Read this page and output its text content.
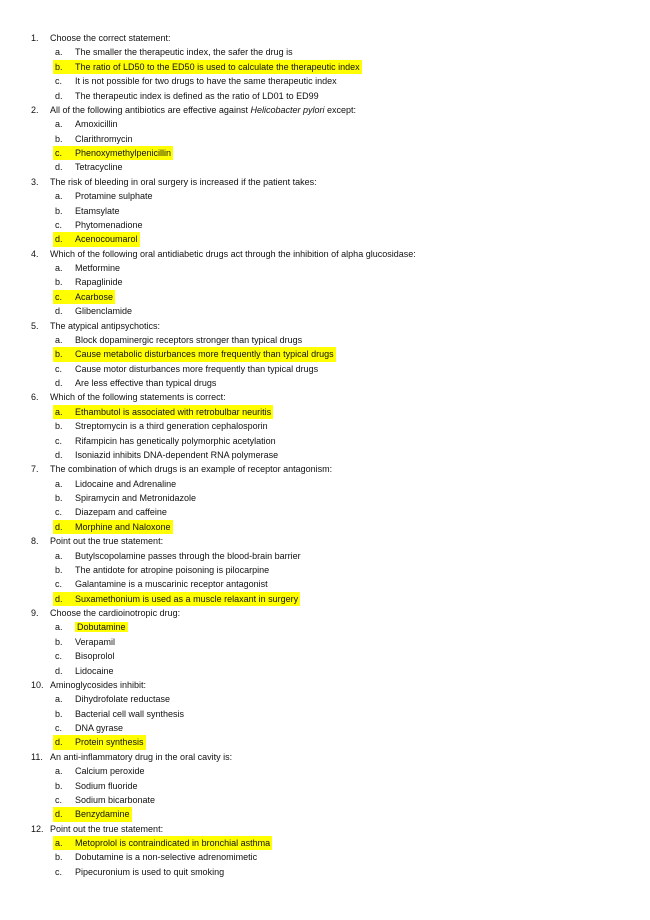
1. Choose the correct statement:
a. The smaller the therapeutic index, the safer the drug is
b. The ratio of LD50 to the ED50 is used to calculate the therapeutic index
c. It is not possible for two drugs to have the same therapeutic index
d. The therapeutic index is defined as the ratio of LD01 to ED99
2. All of the following antibiotics are effective against Helicobacter pylori except:
a. Amoxicillin
b. Clarithromycin
c. Phenoxymethylpenicillin
d. Tetracycline
3. The risk of bleeding in oral surgery is increased if the patient takes:
a. Protamine sulphate
b. Etamsylate
c. Phytomenadione
d. Acenocoumarol
4. Which of the following oral antidiabetic drugs act through the inhibition of alpha glucosidase:
a. Metformine
b. Rapaglinide
c. Acarbose
d. Glibenclamide
5. The atypical antipsychotics:
a. Block dopaminergic receptors stronger than typical drugs
b. Cause metabolic disturbances more frequently than typical drugs
c. Cause motor disturbances more frequently than typical drugs
d. Are less effective than typical drugs
6. Which of the following statements is correct:
a. Ethambutol is associated with retrobulbar neuritis
b. Streptomycin is a third generation cephalosporin
c. Rifampicin has genetically polymorphic acetylation
d. Isoniazid inhibits DNA-dependent RNA polymerase
7. The combination of which drugs is an example of receptor antagonism:
a. Lidocaine and Adrenaline
b. Spiramycin and Metronidazole
c. Diazepam and caffeine
d. Morphine and Naloxone
8. Point out the true statement:
a. Butylscopolamine passes through the blood-brain barrier
b. The antidote for atropine poisoning is pilocarpine
c. Galantamine is a muscarinic receptor antagonist
d. Suxamethonium is used as a muscle relaxant in surgery
9. Choose the cardioinotropic drug:
a. Dobutamine
b. Verapamil
c. Bisoprolol
d. Lidocaine
10. Aminoglycosides inhibit:
a. Dihydrofolate reductase
b. Bacterial cell wall synthesis
c. DNA gyrase
d. Protein synthesis
11. An anti-inflammatory drug in the oral cavity is:
a. Calcium peroxide
b. Sodium fluoride
c. Sodium bicarbonate
d. Benzydamine
12. Point out the true statement:
a. Metoprolol is contraindicated in bronchial asthma
b. Dobutamine is a non-selective adrenomimetic
c. Pipecuronium is used to quit smoking
